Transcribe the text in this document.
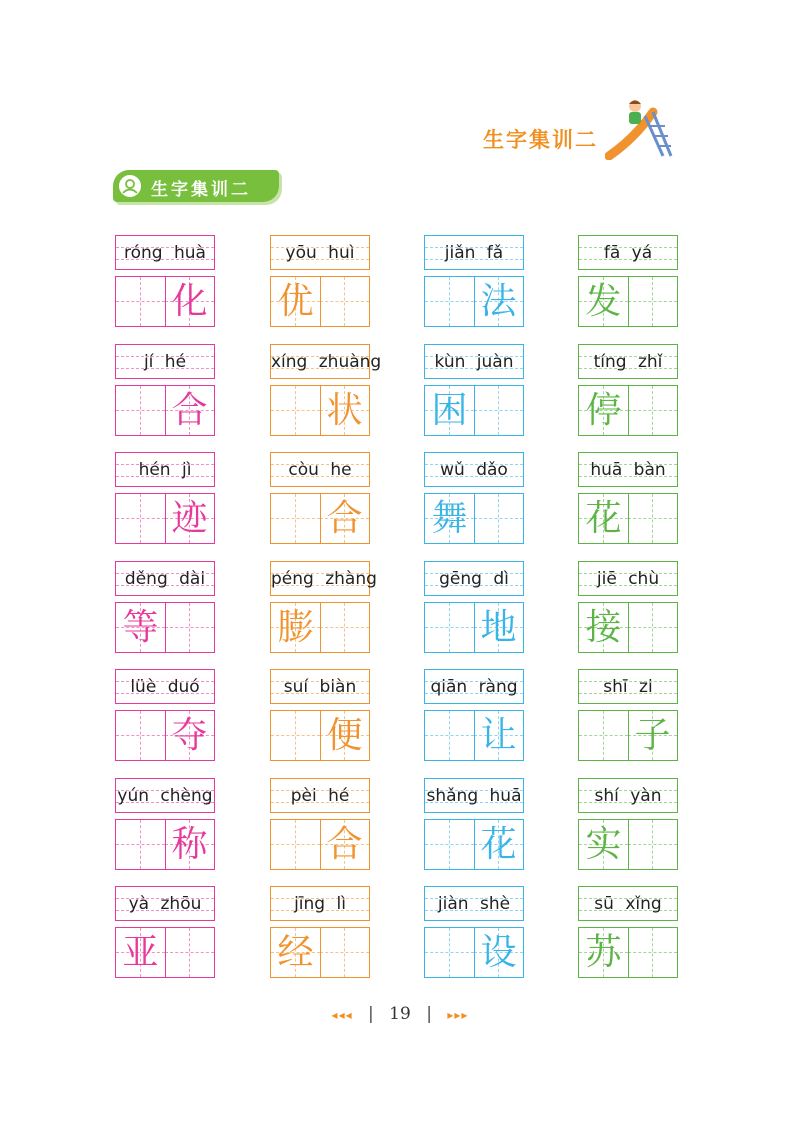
生字集训二
生字集训二
róng huà
化
yōu huì
优
jiǎn fǎ
法
fā yá
发
jí hé
合
xíng zhuàng
状
kùn juàn
困
tíng zhǐ
停
hén jì
迹
còu he
合
wǔ dǎo
舞
huā bàn
花
děng dài
等
péng zhàng
膨
gēng dì
地
jiē chù
接
lüè duó
夺
suí biàn
便
qiān ràng
让
shī zi
子
yún chèng
称
pèi hé
合
shǎng huā
花
shí yàn
实
yà zhōu
亚
jīng lì
经
jiàn shè
设
sū xǐng
苏
◂◂◂ | 19 | ▸▸▸
